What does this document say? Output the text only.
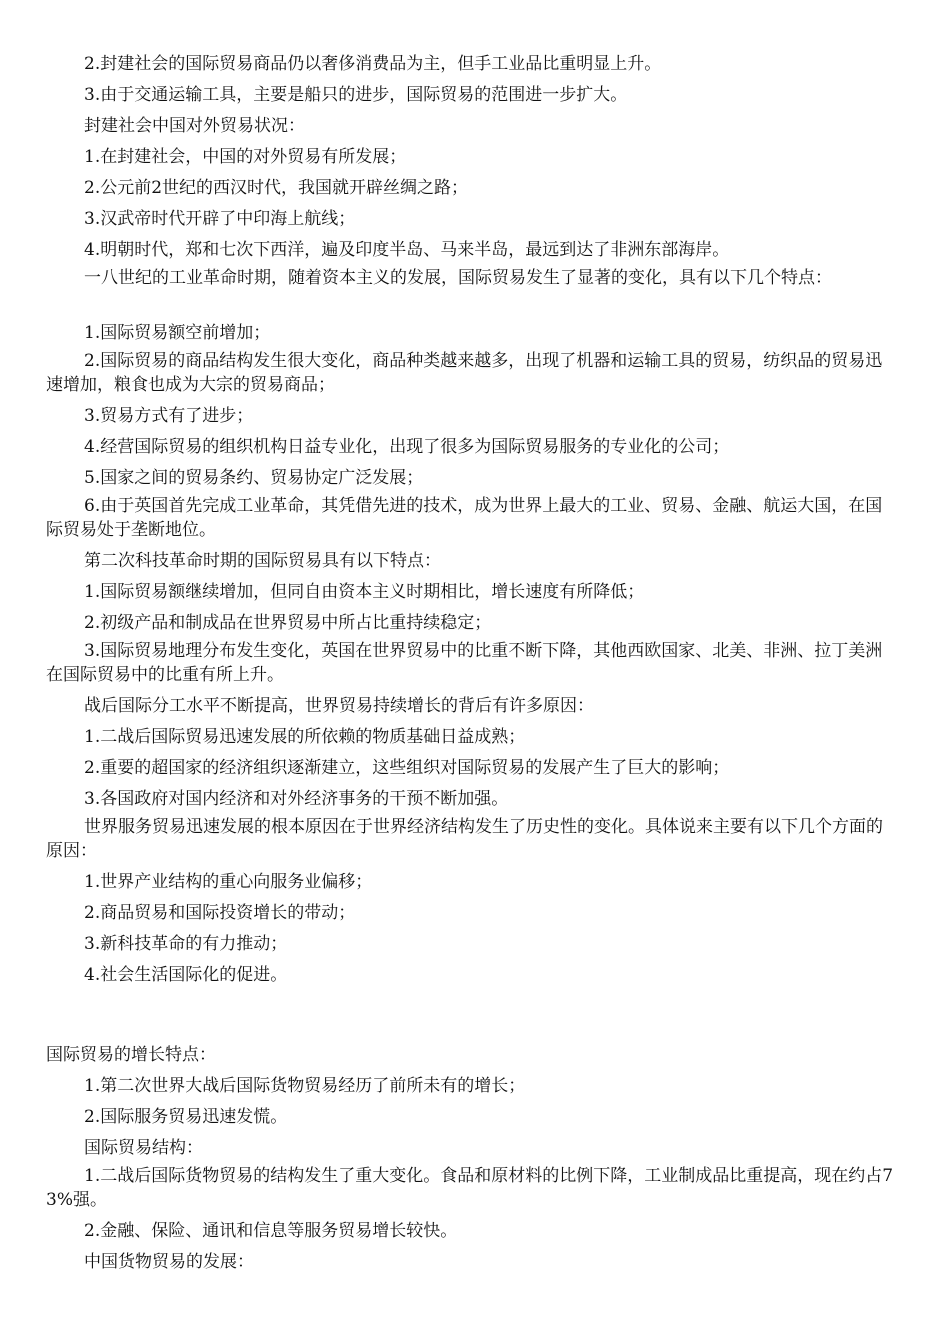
2.封建社会的国际贸易商品仍以奢侈消费品为主，但手工业品比重明显上升。

3.由于交通运输工具，主要是船只的进步，国际贸易的范围进一步扩大。

封建社会中国对外贸易状况：

1.在封建社会，中国的对外贸易有所发展；

2.公元前2世纪的西汉时代，我国就开辟丝绸之路；

3.汉武帝时代开辟了中印海上航线；

4.明朝时代，郑和七次下西洋，遍及印度半岛、马来半岛，最远到达了非洲东部海岸。

一八世纪的工业革命时期，随着资本主义的发展，国际贸易发生了显著的变化，具有以下几个特点：

1.国际贸易额空前增加；

2.国际贸易的商品结构发生很大变化，商品种类越来越多，出现了机器和运输工具的贸易，纺织品的贸易迅速增加，粮食也成为大宗的贸易商品；

3.贸易方式有了进步；

4.经营国际贸易的组织机构日益专业化，出现了很多为国际贸易服务的专业化的公司；

5.国家之间的贸易条约、贸易协定广泛发展；

6.由于英国首先完成工业革命，其凭借先进的技术，成为世界上最大的工业、贸易、金融、航运大国，在国际贸易处于垄断地位。

第二次科技革命时期的国际贸易具有以下特点：

1.国际贸易额继续增加，但同自由资本主义时期相比，增长速度有所降低；

2.初级产品和制成品在世界贸易中所占比重持续稳定；

3.国际贸易地理分布发生变化，英国在世界贸易中的比重不断下降，其他西欧国家、北美、非洲、拉丁美洲在国际贸易中的比重有所上升。

战后国际分工水平不断提高，世界贸易持续增长的背后有许多原因：

1.二战后国际贸易迅速发展的所依赖的物质基础日益成熟；

2.重要的超国家的经济组织逐渐建立，这些组织对国际贸易的发展产生了巨大的影响；

3.各国政府对国内经济和对外经济事务的干预不断加强。

世界服务贸易迅速发展的根本原因在于世界经济结构发生了历史性的变化。具体说来主要有以下几个方面的原因：

1.世界产业结构的重心向服务业偏移；

2.商品贸易和国际投资增长的带动；

3.新科技革命的有力推动；

4.社会生活国际化的促进。

国际贸易的增长特点：

1.第二次世界大战后国际货物贸易经历了前所未有的增长；

2.国际服务贸易迅速发慌。

国际贸易结构：

1.二战后国际货物贸易的结构发生了重大变化。食品和原材料的比例下降，工业制成品比重提高，现在约占73%强。

2.金融、保险、通讯和信息等服务贸易增长较快。

中国货物贸易的发展：
